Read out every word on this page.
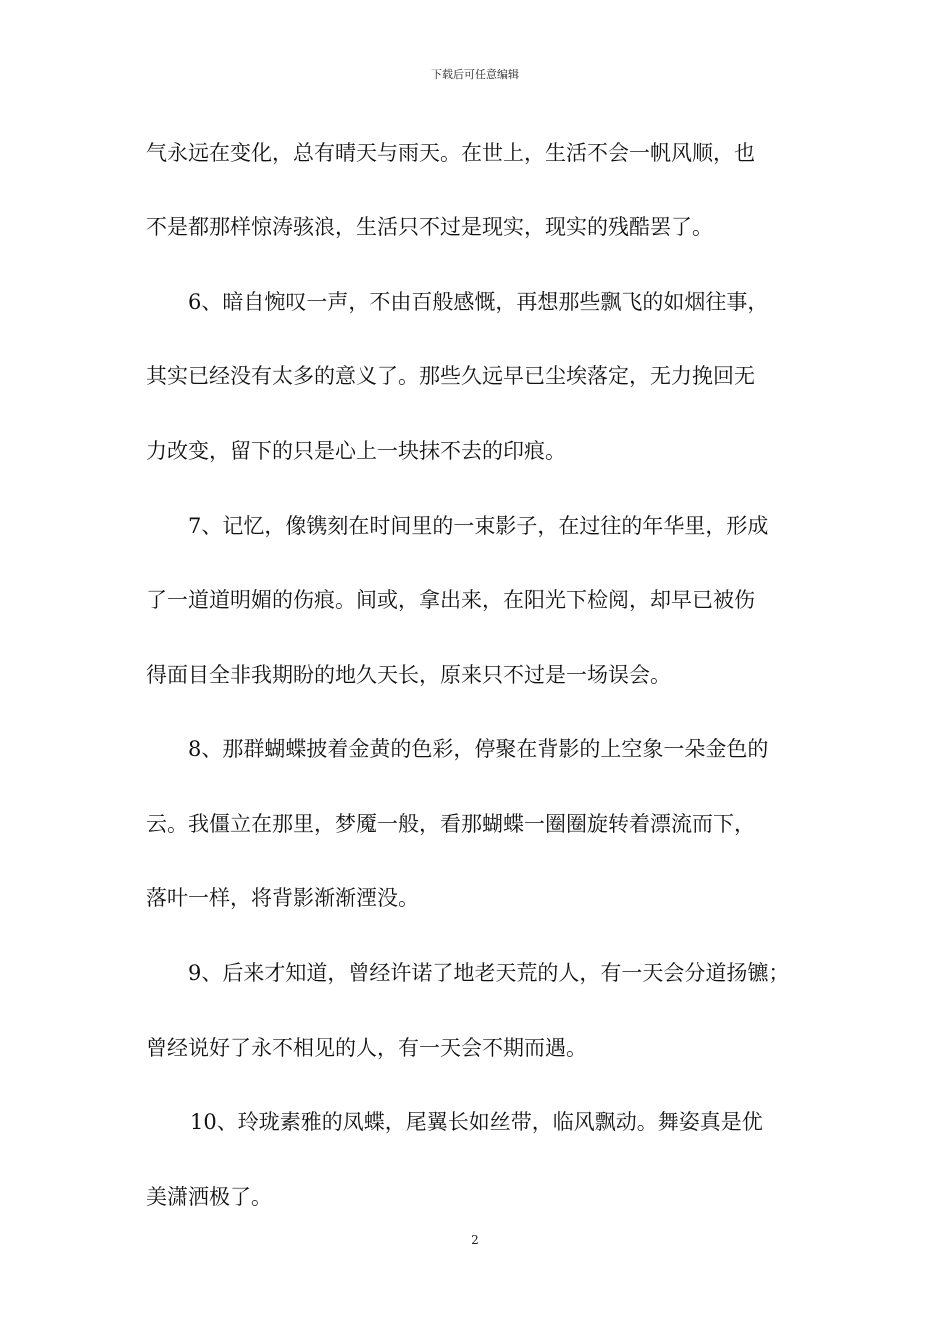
下载后可任意编辑
气永远在变化，总有晴天与雨天。在世上，生活不会一帆风顺，也
不是都那样惊涛骇浪，生活只不过是现实，现实的残酷罢了。
6、暗自惋叹一声，不由百般感慨，再想那些飘飞的如烟往事，
其实已经没有太多的意义了。那些久远早已尘埃落定，无力挽回无
力改变，留下的只是心上一块抹不去的印痕。
7、记忆，像镌刻在时间里的一束影子，在过往的年华里，形成
了一道道明媚的伤痕。间或，拿出来，在阳光下检阅，却早已被伤
得面目全非我期盼的地久天长，原来只不过是一场误会。
8、那群蝴蝶披着金黄的色彩，停聚在背影的上空象一朵金色的
云。我僵立在那里，梦魇一般，看那蝴蝶一圈圈旋转着漂流而下，
落叶一样，将背影渐渐湮没。
9、后来才知道，曾经许诺了地老天荒的人，有一天会分道扬镳；
曾经说好了永不相见的人，有一天会不期而遇。
10、玲珑素雅的凤蝶，尾翼长如丝带，临风飘动。舞姿真是优
美潇洒极了。
2
